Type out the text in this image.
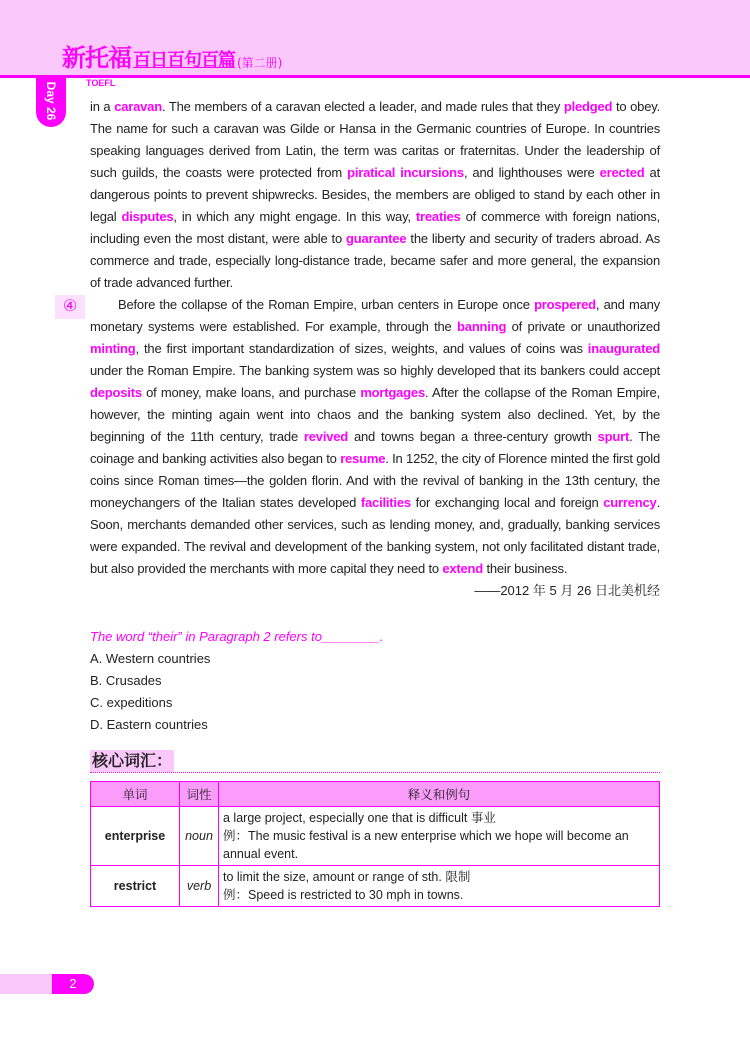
新托福 百日百句百篇 (第二册)
TOEFL
Day 26 in a caravan. The members of a caravan elected a leader, and made rules that they pledged to obey. The name for such a caravan was Gilde or Hansa in the Germanic countries of Europe. In countries speaking languages derived from Latin, the term was caritas or fraternitas. Under the leadership of such guilds, the coasts were protected from piratical incursions, and lighthouses were erected at dangerous points to prevent shipwrecks. Besides, the members are obliged to stand by each other in legal disputes, in which any might engage. In this way, treaties of commerce with foreign nations, including even the most distant, were able to guarantee the liberty and security of traders abroad. As commerce and trade, especially long-distance trade, became safer and more general, the expansion of trade advanced further.
④	Before the collapse of the Roman Empire, urban centers in Europe once prospered, and many monetary systems were established. For example, through the banning of private or unauthorized minting, the first important standardization of sizes, weights, and values of coins was inaugurated under the Roman Empire. The banking system was so highly developed that its bankers could accept deposits of money, make loans, and purchase mortgages. After the collapse of the Roman Empire, however, the minting again went into chaos and the banking system also declined. Yet, by the beginning of the 11th century, trade revived and towns began a three-century growth spurt. The coinage and banking activities also began to resume. In 1252, the city of Florence minted the first gold coins since Roman times—the golden florin. And with the revival of banking in the 13th century, the moneychangers of the Italian states developed facilities for exchanging local and foreign currency. Soon, merchants demanded other services, such as lending money, and, gradually, banking services were expanded. The revival and development of the banking system, not only facilitated distant trade, but also provided the merchants with more capital they need to extend their business.
——2012 年 5 月 26 日北美机经
The word “their” in Paragraph 2 refers to________.
A. Western countries
B. Crusades
C. expeditions
D. Eastern countries
核心词汇：
单词	词性	释义和例句
enterprise	noun	a large project, especially one that is difficult 事业
例：The music festival is a new enterprise which we hope will become an annual event.

restrict	verb	to limit the size, amount or range of sth. 限制
例：Speed is restricted to 30 mph in towns.
2
